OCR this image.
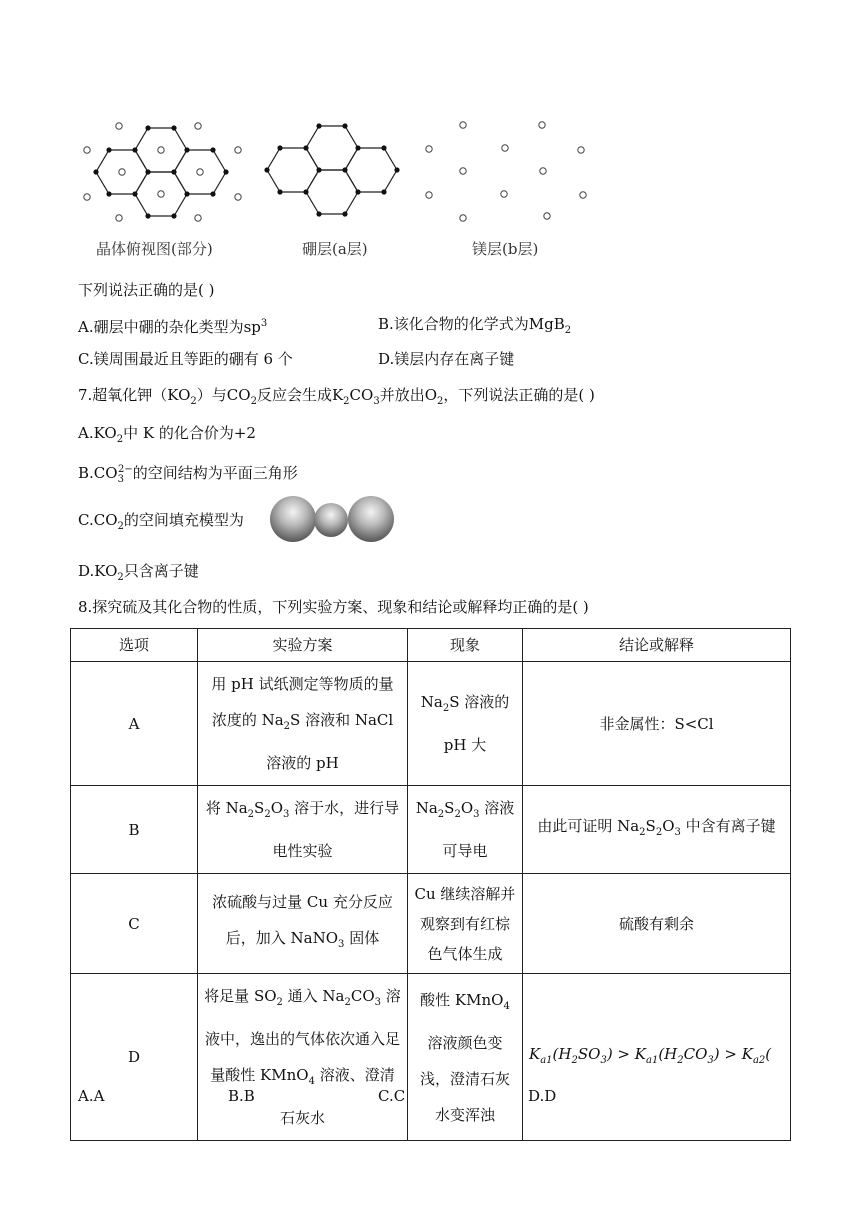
晶体俯视图(部分)	硼层(a层)	镁层(b层)
下列说法正确的是( )
A.硼层中硼的杂化类型为$sp^3$	B.该化合物的化学式为MgB$_2$
C.镁周围最近且等距的硼有 6 个	D.镁层内存在离子键
7.超氧化钾$(KO_2)$与$CO_2$反应会生成$K_2CO_3$并放出$O_2$，下列说法正确的是( )
$A.KO_2$中 K 的化合价为+2
$B.CO_3^{2-}$的空间结构为平面三角形
$C.CO_2$的空间填充模型为
$D.KO_2$只含离子键
8.探究硫及其化合物的性质，下列实验方案、现象和结论或解释均正确的是( )
选项	实验方案	现象	结论或解释
A	用 pH 试纸测定等物质的量浓度的 $Na_2S$ 溶液和 NaCl 溶液的 pH	$Na_2S$ 溶液的 pH 大	非金属性：S<Cl
B	将 $Na_2S_2O_3$ 溶于水，进行导电性实验	$Na_2S_2O_3$ 溶液可导电	由此可证明 $Na_2S_2O_3$ 中含有离子键
C	浓硫酸与过量 Cu 充分反应后，加入 NaNO$_3$ 固体	Cu 继续溶解并观察到有红棕色气体生成	硫酸有剩余
D	将足量 $SO_2$ 通入 $Na_2CO_3$ 溶液中，逸出的气体依次通入足量酸性 KMnO$_4$ 溶液、澄清石灰水	酸性 KMnO$_4$ 溶液颜色变浅，澄清石灰水变浑浊	$K_{a1}(H_2SO_3) > K_{a1}(H_2CO_3) > K_{a2}$(
A.A	B.B	C.C	D.D
